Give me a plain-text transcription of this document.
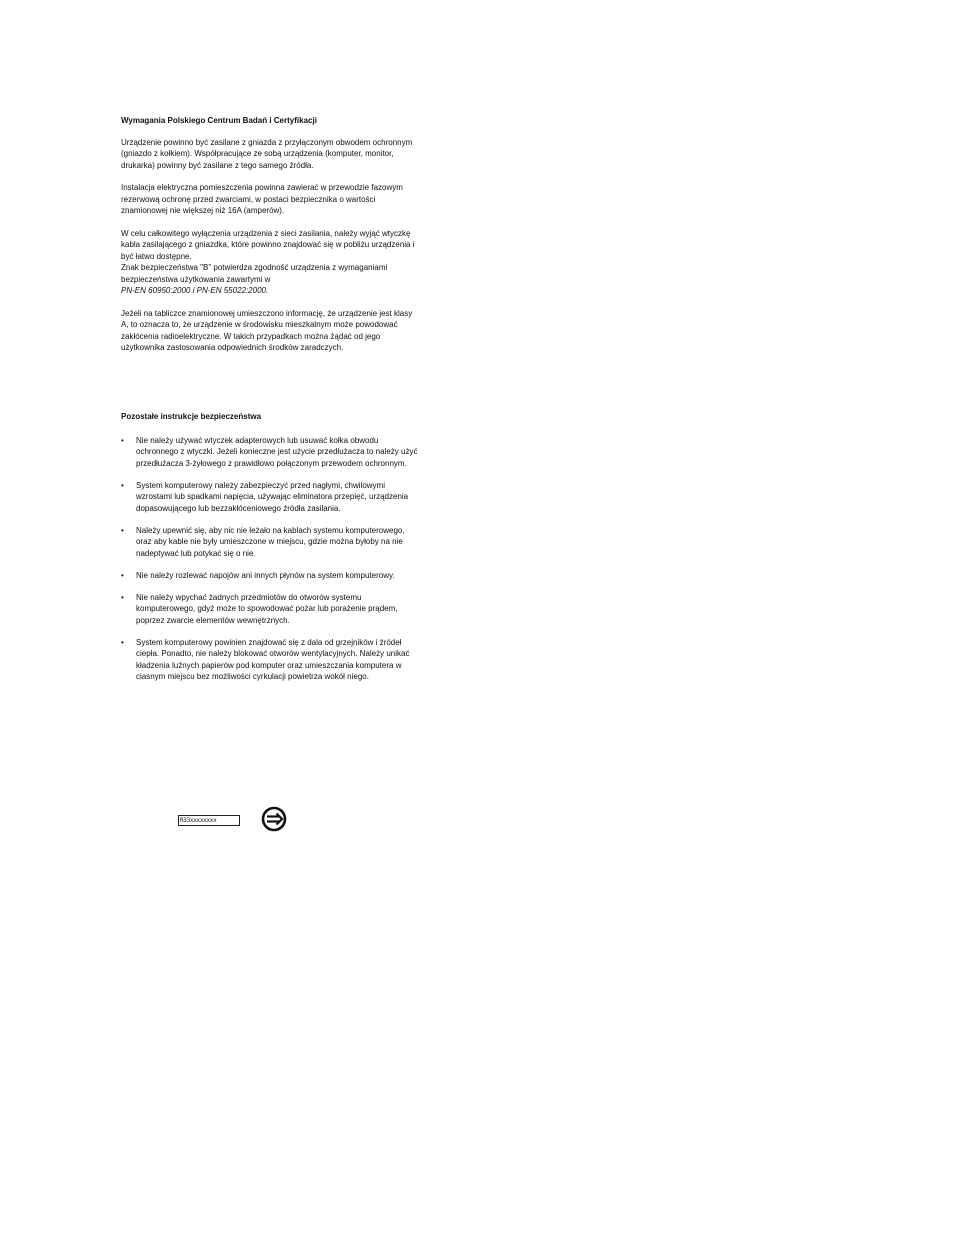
Wymagania Polskiego Centrum Badań i Certyfikacji

Urządzenie powinno być zasilane z gniazda z przyłączonym obwodem ochronnym (gniazdo z kołkiem). Współpracujące ze sobą urządzenia (komputer, monitor, drukarka) powinny być zasilane z tego samego źródła.

Instalacja elektryczna pomieszczenia powinna zawierać w przewodzie fazowym rezerwową ochronę przed zwarciami, w postaci bezpiecznika o wartości znamionowej nie większej niż 16A (amperów).

W celu całkowitego wyłączenia urządzenia z sieci zasilania, należy wyjąć wtyczkę kabla zasilającego z gniazdka, które powinno znajdować się w pobliżu urządzenia i być łatwo dostępne.
Znak bezpieczeństwa "B" potwierdza zgodność urządzenia z wymaganiami bezpieczeństwa użytkowania zawartymi w
PN-EN 60950:2000 i PN-EN 55022:2000.

Jeżeli na tabliczce znamionowej umieszczono informację, że urządzenie jest klasy A, to oznacza to, że urządzenie w środowisku mieszkalnym może powodować zakłócenia radioelektryczne. W takich przypadkach można żądać od jego użytkownika zastosowania odpowiednich środków zaradczych.

Pozostałe instrukcje bezpieczeństwa

• Nie należy używać wtyczek adapterowych lub usuwać kołka obwodu ochronnego z wtyczki. Jeżeli konieczne jest użycie przedłużacza to należy użyć przedłużacza 3-żyłowego z prawidłowo połączonym przewodem ochronnym.
• System komputerowy należy zabezpieczyć przed nagłymi, chwilowymi wzrostami lub spadkami napięcia, używając eliminatora przepięć, urządzenia dopasowującego lub bezzakłóceniowego źródła zasilania.
• Należy upewnić się, aby nic nie leżało na kablach systemu komputerowego, oraz aby kable nie były umieszczone w miejscu, gdzie można byłoby na nie nadeptywać lub potykać się o nie.
• Nie należy rozlewać napojów ani innych płynów na system komputerowy.
• Nie należy wpychać żadnych przedmiotów do otworów systemu komputerowego, gdyż może to spowodować pożar lub porażenie prądem, poprzez zwarcie elementów wewnętrznych.
• System komputerowy powinien znajdować się z dala od grzejników i źródeł ciepła. Ponadto, nie należy blokować otworów wentylacyjnych. Należy unikać kładzenia luźnych papierów pod komputer oraz umieszczania komputera w ciasnym miejscu bez możliwości cyrkulacji powietrza wokół niego.
R33xxxxxxxx
